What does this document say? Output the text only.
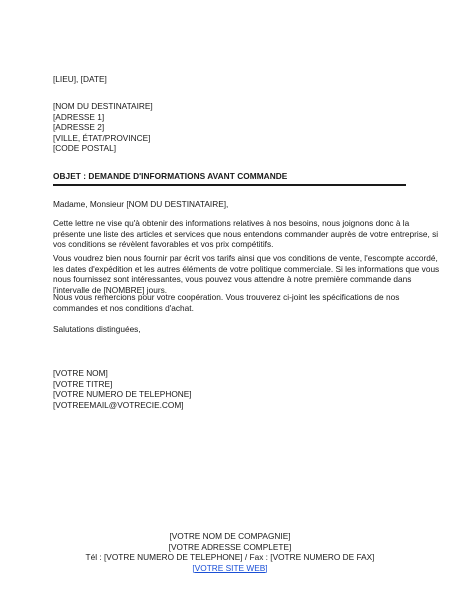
[LIEU], [DATE]
[NOM DU DESTINATAIRE]
[ADRESSE 1]
[ADRESSE 2]
[VILLE, ÉTAT/PROVINCE]
[CODE POSTAL]
OBJET : DEMANDE D'INFORMATIONS AVANT COMMANDE
Madame, Monsieur [NOM DU DESTINATAIRE],
Cette lettre ne vise qu'à obtenir des informations relatives à nos besoins, nous joignons donc à la
présente une liste des articles et services que nous entendons commander auprès de votre entreprise, si
vos conditions se révèlent favorables et vos prix compétitifs.
Vous voudrez bien nous fournir par écrit vos tarifs ainsi que vos conditions de vente, l'escompte accordé,
les dates d'expédition et les autres éléments de votre politique commerciale. Si les informations que vous
nous fournissez sont intéressantes, vous pouvez vous attendre à notre première commande dans
l'intervalle de [NOMBRE] jours.
Nous vous remercions pour votre coopération. Vous trouverez ci-joint les spécifications de nos
commandes et nos conditions d'achat.
Salutations distinguées,
[VOTRE NOM]
[VOTRE TITRE]
[VOTRE NUMERO DE TELEPHONE]
[VOTREEMAIL@VOTRECIE.COM]
[VOTRE NOM DE COMPAGNIE]
[VOTRE ADRESSE COMPLETE]
Tél : [VOTRE NUMERO DE TELEPHONE] / Fax : [VOTRE NUMERO DE FAX]
[VOTRE SITE WEB]
